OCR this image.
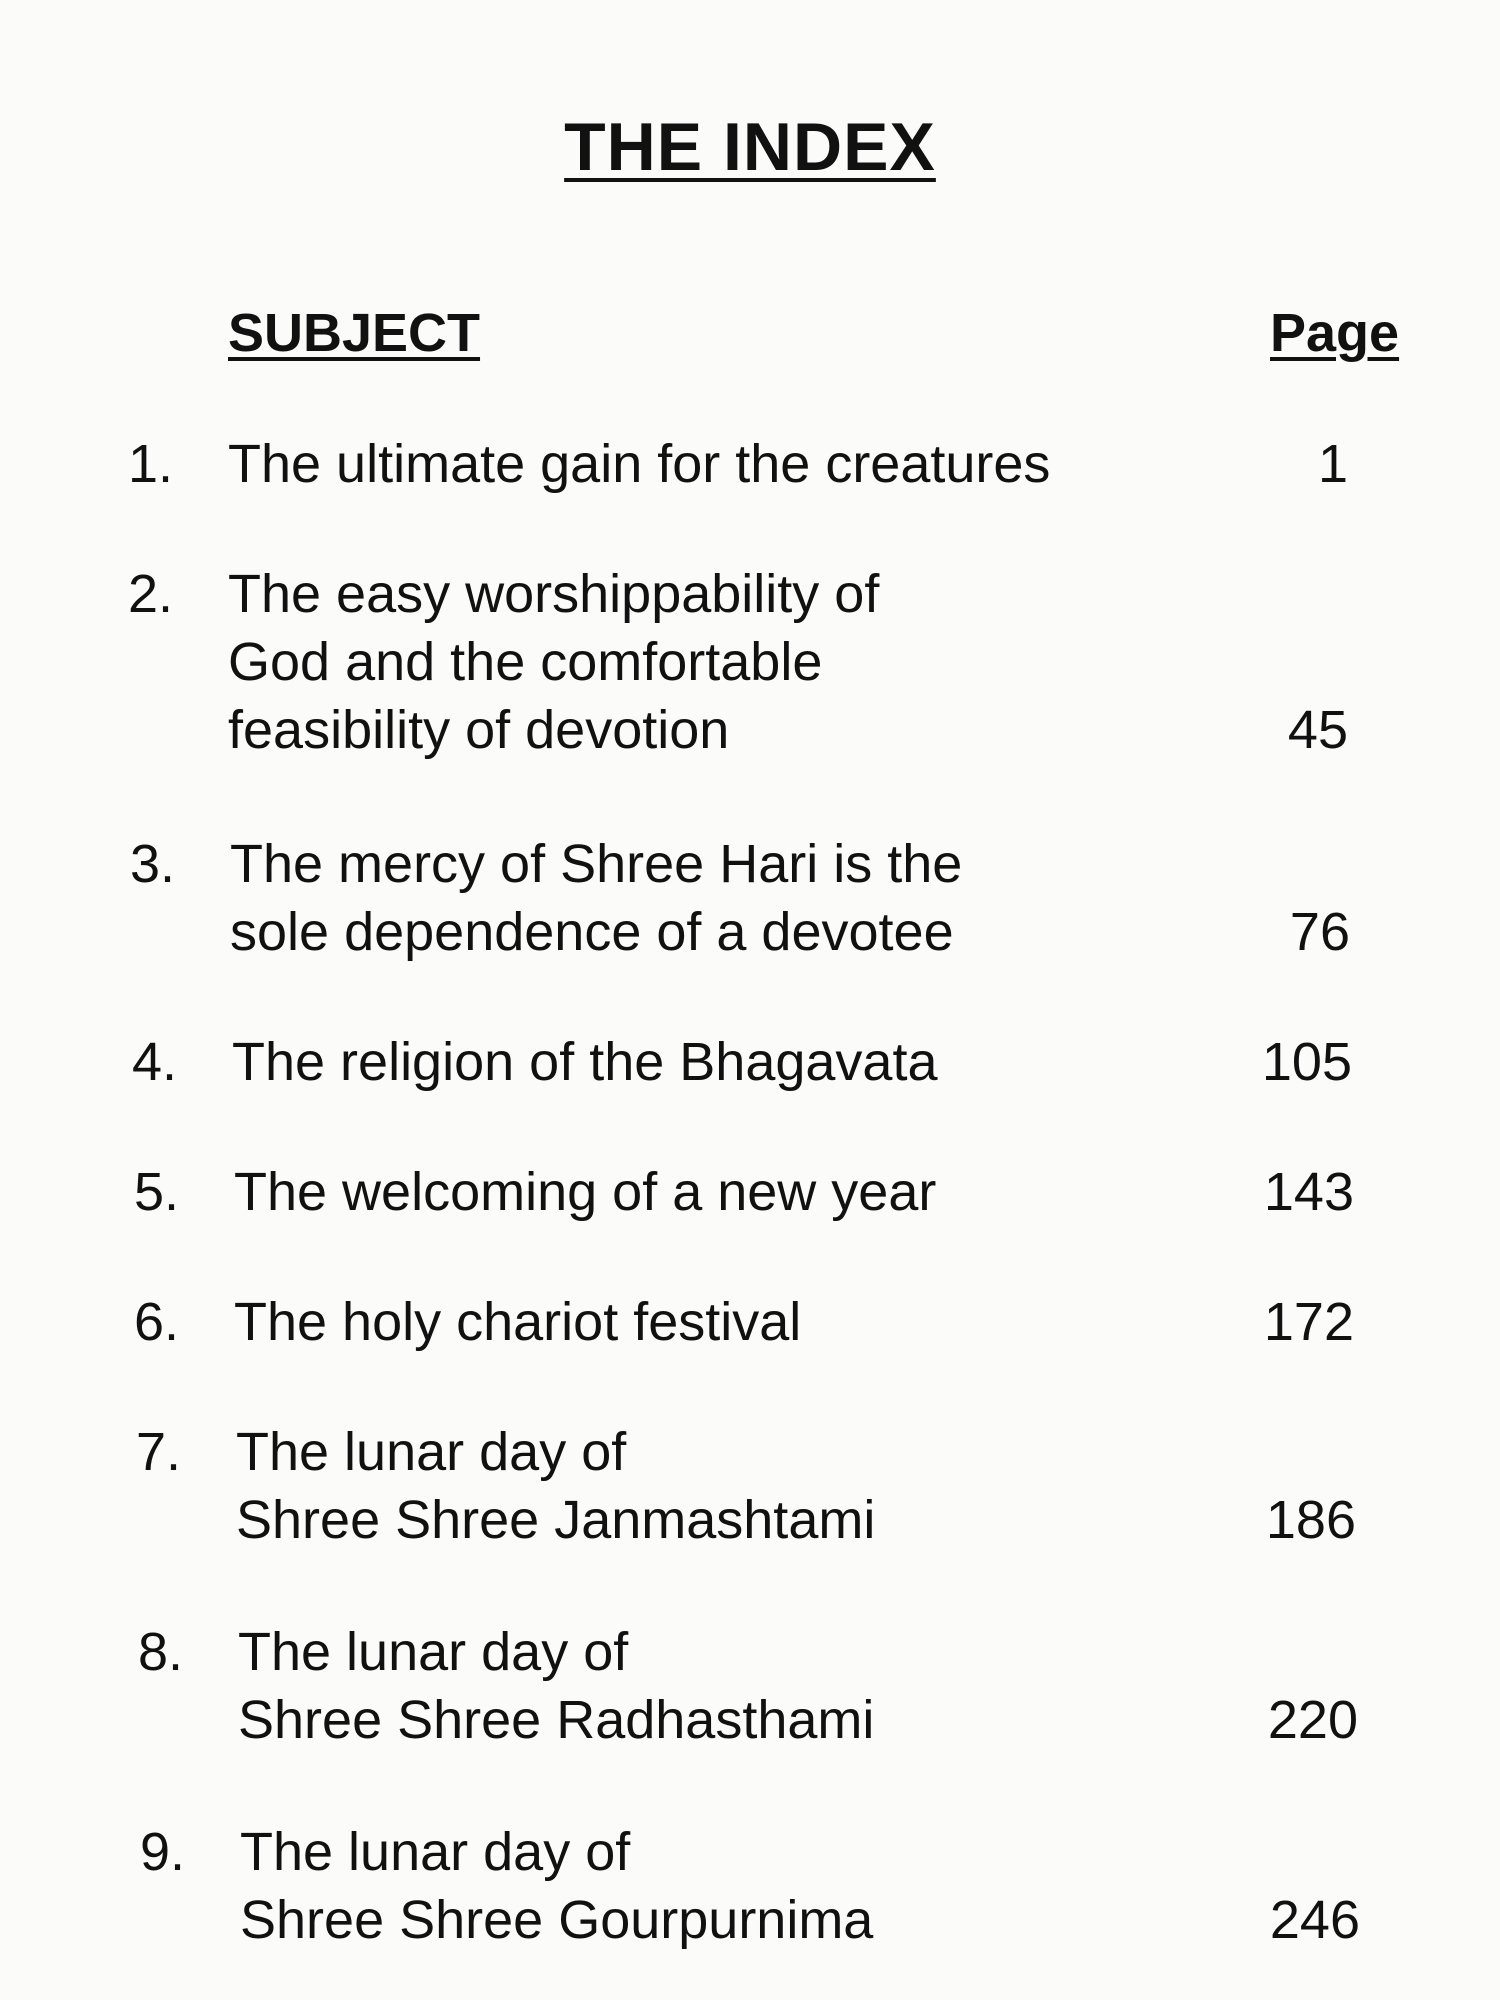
THE INDEX
SUBJECT	Page
1.	The ultimate gain for the creatures	1
2.	The easy worshippability of
God and the comfortable
feasibility of devotion	45
3.	The mercy of Shree Hari is the
sole dependence of a devotee	76
4.	The religion of the Bhagavata	105
5.	The welcoming of a new year	143
6.	The holy chariot festival	172
7.	The lunar day of
Shree Shree Janmashtami	186
8.	The lunar day of
Shree Shree Radhasthami	220
9.	The lunar day of
Shree Shree Gourpurnima	246
